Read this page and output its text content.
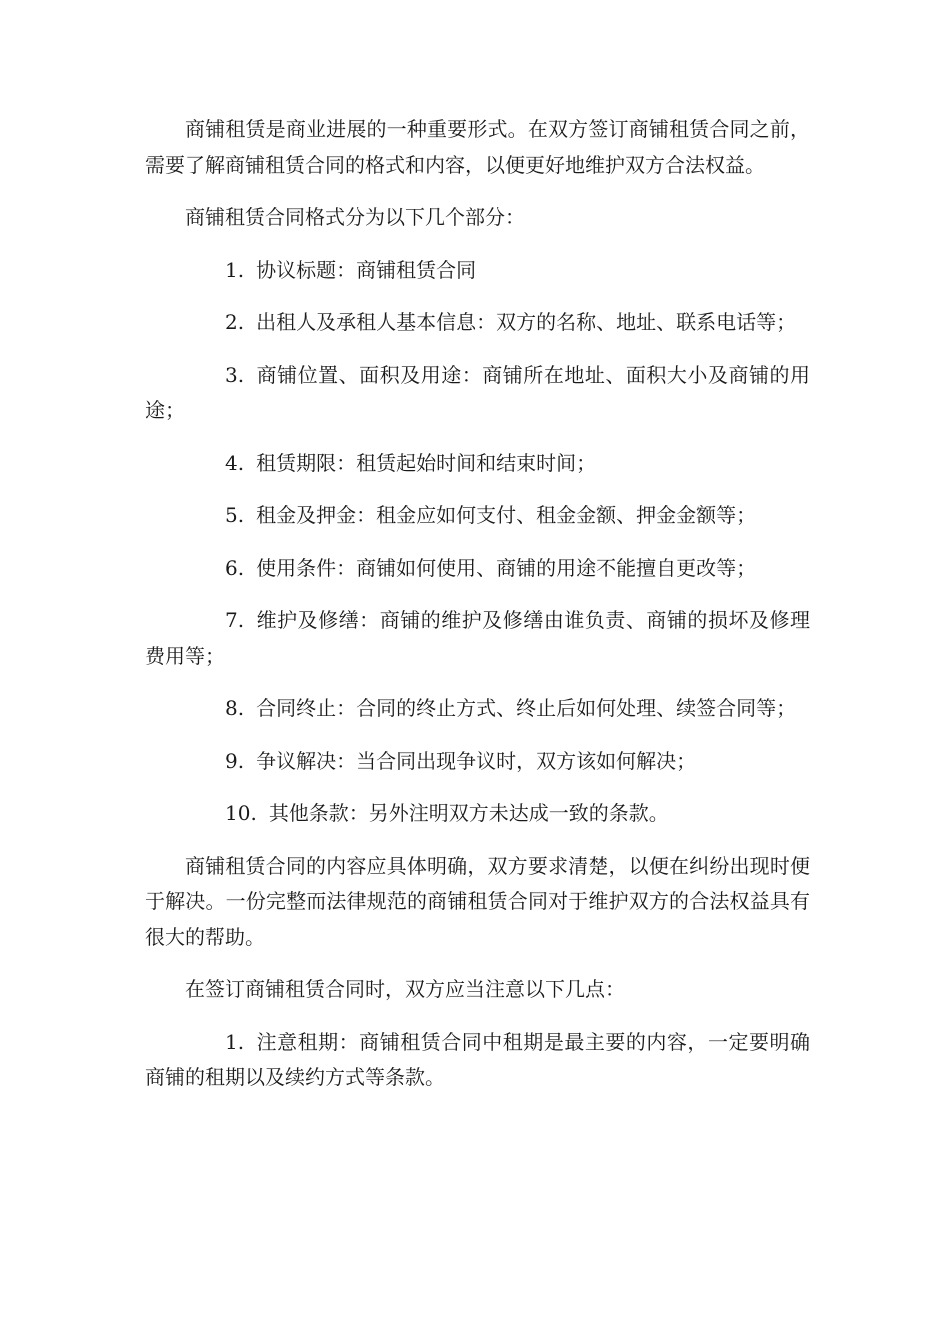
商铺租赁是商业进展的一种重要形式。在双方签订商铺租赁合同之前，需要了解商铺租赁合同的格式和内容，以便更好地维护双方合法权益。

商铺租赁合同格式分为以下几个部分：

1. 协议标题：商铺租赁合同

2. 出租人及承租人基本信息：双方的名称、地址、联系电话等；

3. 商铺位置、面积及用途：商铺所在地址、面积大小及商铺的用途；

4. 租赁期限：租赁起始时间和结束时间；

5. 租金及押金：租金应如何支付、租金金额、押金金额等；

6. 使用条件：商铺如何使用、商铺的用途不能擅自更改等；

7. 维护及修缮：商铺的维护及修缮由谁负责、商铺的损坏及修理费用等；

8. 合同终止：合同的终止方式、终止后如何处理、续签合同等；

9. 争议解决：当合同出现争议时，双方该如何解决；

10. 其他条款：另外注明双方未达成一致的条款。

商铺租赁合同的内容应具体明确，双方要求清楚，以便在纠纷出现时便于解决。一份完整而法律规范的商铺租赁合同对于维护双方的合法权益具有很大的帮助。

在签订商铺租赁合同时，双方应当注意以下几点：

1. 注意租期：商铺租赁合同中租期是最主要的内容，一定要明确商铺的租期以及续约方式等条款。
